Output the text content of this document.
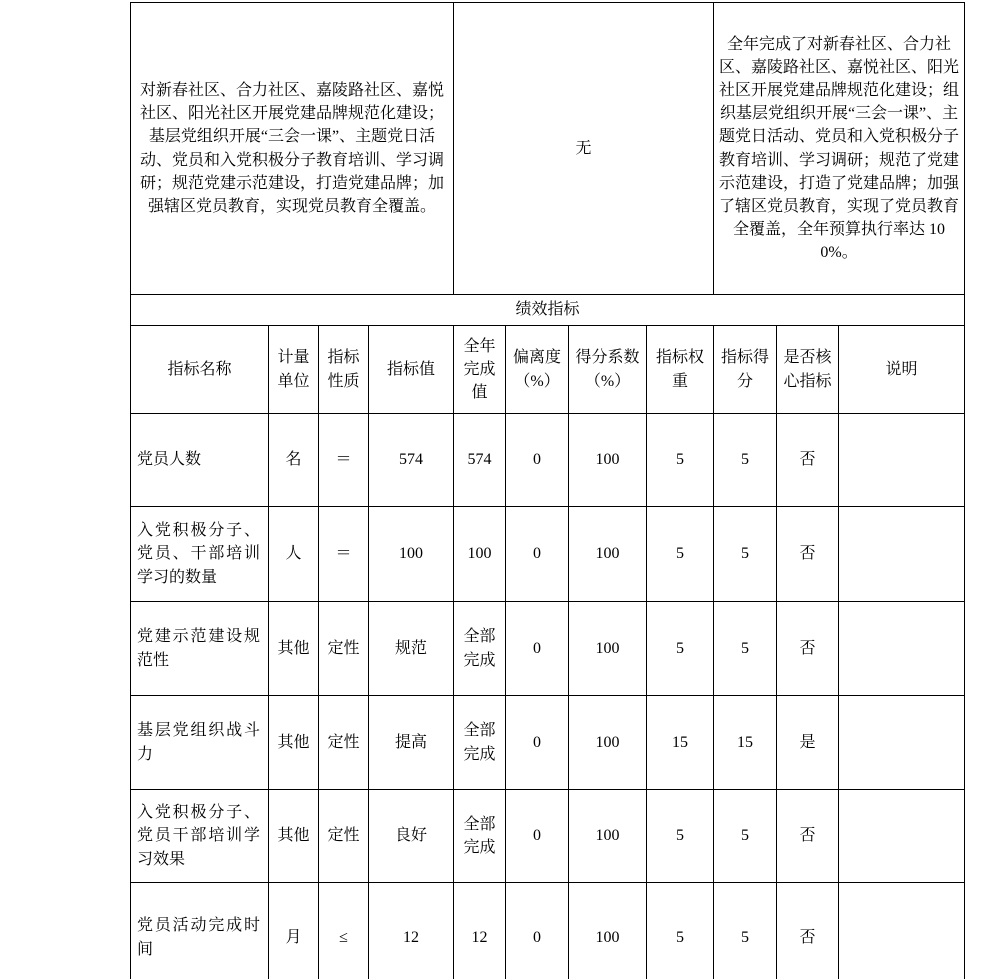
对新春社区、合力社区、嘉陵路社区、嘉悦社区、阳光社区开展党建品牌规范化建设；基层党组织开展“三会一课”、主题党日活动、党员和入党积极分子教育培训、学习调研；规范党建示范建设，打造党建品牌；加强辖区党员教育，实现党员教育全覆盖。				无				全年完成了对新春社区、合力社区、嘉陵路社区、嘉悦社区、阳光社区开展党建品牌规范化建设；组织基层党组织开展“三会一课”、主题党日活动、党员和入党积极分子教育培训、学习调研；规范了党建示范建设，打造了党建品牌；加强了辖区党员教育，实现了党员教育全覆盖，全年预算执行率达 100%。		
绩效指标										
指标名称	计量单位	指标性质	指标值	全年完成值	偏离度（%）	得分系数（%）	指标权重	指标得分	是否核心指标	说明
党员人数	名	＝	574	574	0	100	5	5	否	
入党积极分子、党员、干部培训学习的数量	人	＝	100	100	0	100	5	5	否	
党建示范建设规范性	其他	定性	规范	全部完成	0	100	5	5	否	
基层党组织战斗力	其他	定性	提高	全部完成	0	100	15	15	是	
入党积极分子、党员干部培训学习效果	其他	定性	良好	全部完成	0	100	5	5	否	
党员活动完成时间	月	≤	12	12	0	100	5	5	否	
